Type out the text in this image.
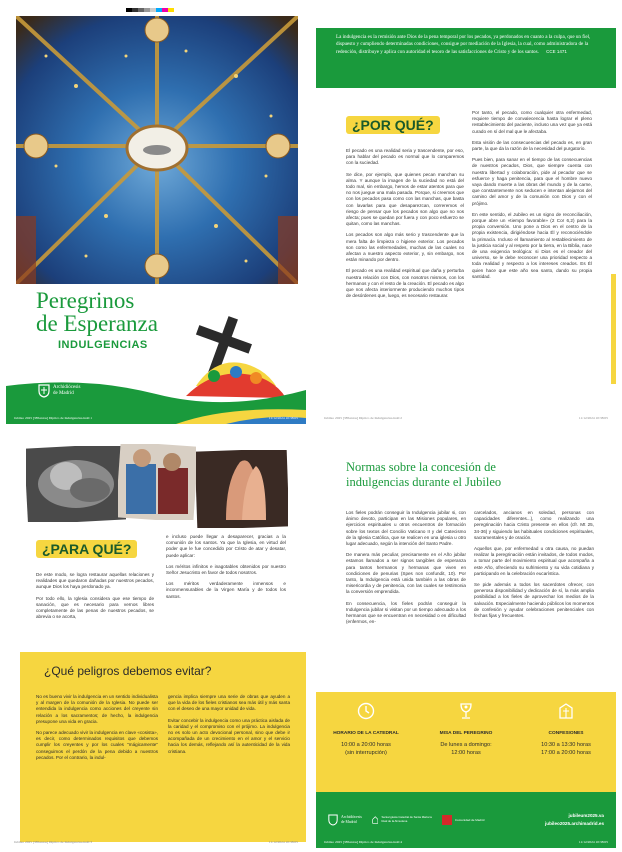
Peregrinos
de Esperanza
INDULGENCIAS
Archidiócesis
de Madrid
Jubileo 2025 [38Santos] Díptico de Indulgencias.indd 1	11/12/2024 10:38:05
La indulgencia es la remisión ante Dios de la pena temporal por los pecados, ya perdonados en cuanto a la culpa, que un fiel, dispuesto y cumpliendo determinadas condiciones, consigue por mediación de la Iglesia, la cual, como administradora de la redención, distribuye y aplica con autoridad el tesoro de las satisfacciones de Cristo y de los santos. CCE 1471
¿POR QUÉ?

El pecado es una realidad seria y trascendente, por eso, para hablar del pecado es normal que lo comparemos con la suciedad.

Se dice, por ejemplo, que quienes pecan manchan su alma. Y aunque la imagen de la suciedad no está del todo mal, sin embargo, hemos de estar atentos para que no nos juegue una mala pasada. Porque, si creemos que con los pecados pasa como con las manchas, que basta con lavarlas para que desaparezcan, correremos el riesgo de pensar que los pecados son algo que no nos afecta; pues se quedan por fuera y con poco esfuerzo se quitan, como las manchas.

Los pecados son algo más serio y trascendente que la mera falta de limpieza o higiene exterior. Los pecados son como las enfermedades, muchas de las cuales no afectan a nuestro aspecto exterior, y, sin embargo, nos están minando por dentro.

El pecado es una realidad espiritual que daña y perturba nuestra relación con Dios, con nosotros mismos, con los hermanos y con el resto de la creación. El pecado es algo que nos afecta interiormente produciendo muchos tipos de desórdenes que, luego, es necesario restaurar.

Por tanto, el pecado, como cualquier otra enfermedad, requiere tiempo de convalecencia hasta lograr el pleno restablecimiento del paciente, incluso una vez que ya está curado en sí del mal que le afectaba.

Esta visión de las consecuencias del pecado es, en gran parte, la que da la razón de la necesidad del purgatorio.

Pues bien, para sanar en el tiempo de las consecuencias de nuestros pecados, Dios, que siempre cuenta con nuestra libertad y colaboración, pide al pecador que se esfuerce y haga penitencia, para que el hombre nuevo vaya dando muerte a las obras del mundo y de la carne, que constantemente nos seducen e intentan alejarnos del camino del amor y de la comunión con Dios y con el prójimo.

En este sentido, el Jubileo es un signo de reconciliación, porque abre un «tiempo favorable» (2 Cor 6,2) para la propia conversión. Uno pone a Dios en el centro de la propia existencia, dirigiéndose hacia Él y reconociéndole la primacía. Incluso el llamamiento al restablecimiento de la justicia social y al respeto por la tierra, en la Biblia, nace de una exigencia teológica: si Dios es el creador del universo, se le debe reconocer una prioridad respecto a toda realidad y respecto a los intereses creados. Es Él quien hace que este año sea santo, dando su propia santidad.

Jubileo 2025 [38Santos] Díptico de Indulgencias.indd 2	11/12/2024 10:38:05
¿PARA QUÉ?

De este modo, se logra restaurar aquellas relaciones y realidades que quedaron dañadas por nuestros pecados, aunque Dios los haya perdonado ya.

Por todo ello, la Iglesia considera que ese tiempo de sanación, que es necesario para vernos libres completamente de las penas de nuestros pecados, se abrevia o se acorta,

e incluso puede llegar a desaparecer, gracias a la comunión de los santos. Ya que la Iglesia, en virtud del poder que le fue concedido por Cristo de atar y desatar, puede aplicar:

Los méritos infinitos e inagotables obtenidos por nuestro Señor Jesucristo en favor de todos nosotros.

Los méritos verdaderamente inmensos e inconmensurables de la Virgen María y de todos los santos.

¿Qué peligros debemos evitar?

No es bueno vivir la indulgencia en un sentido individualista y al margen de la comunión de la Iglesia. No puede ser entendida la indulgencia como acciones del creyente sin relación a los sacramentos; de hecho, la indulgencia presupone una vida en gracia.

No parece adecuado vivir la indulgencia en clave «cosista», es decir, como determinados requisitos que debemos cumplir los creyentes y por los cuales "mágicamente" conseguimos el perdón de la pena debido a nuestros pecados. Por el contrario, la indul-

gencia implica siempre una serie de obras que ayuden a que la vida de los fieles cristianos sea más útil y más santa con el deseo de una mayor unidad de vida.

Evitar concebir la indulgencia como una práctica aislada de la caridad y el compromiso con el prójimo. La indulgencia no es solo un acto devocional personal, sino que debe ir acompañada de un crecimiento en el amor y el servicio hacia los demás, reflejando así la autenticidad de la vida cristiana.

Jubileo 2025 [38Santos] Díptico de Indulgencias.indd 3	11/12/2024 10:38:05
Normas sobre la concesión de
indulgencias durante el Jubileo

Los fieles podrán conseguir la Indulgencia jubilar si, con ánimo devoto, participan en las Misiones populares, en ejercicios espirituales u otros encuentros de formación sobre los textos del Concilio Vaticano II y del Catecismo de la Iglesia Católica, que se realicen en una iglesia u otro lugar adecuado, según la intención del Santo Padre.

De manera más peculiar, precisamente en el Año jubilar estamos llamados a ser signos tangibles de esperanza para tantos hermanos y hermanas que viven en condiciones de penurias (Spes non confundit, 10). Por tanto, la Indulgencia está unida también a las obras de misericordia y de penitencia, con las cuales se testimonia la conversión emprendida.

En consecuencia, los fieles podrán conseguir la Indulgencia jubilar si visitan por un tiempo adecuado a los hermanos que se encuentran en necesidad o en dificultad (enfermos, en-

carcelados, ancianos en soledad, personas con capacidades diferentes...), como realizando una peregrinación hacia Cristo presente en ellos (cfr. Mt 25, 34-36) y siguiendo las habituales condiciones espirituales, sacramentales y de oración.

Aquellos que, por enfermedad u otra causa, no puedan realizar la peregrinación están invitados, de todos modos, a tomar parte del movimiento espiritual que acompaña a este Año, ofreciendo su sufrimiento y su vida cotidiana y participando en la celebración eucarística.

Se pide además a todos los sacerdotes ofrecer, con generosa disponibilidad y dedicación de sí, la más amplia posibilidad a los fieles de aprovechar los medios de la salvación. Especialmente haciendo públicos los momentos de confesión y ayudar celebraciones penitenciales con fechas fijas y frecuentes.

HORARIO DE LA CATEDRAL
10:00 a 20:00 horas
(sin interrupción)
MISA DEL PEREGRINO
De lunes a domingo:
12:00 horas
CONFESIONES
10:30 a 13:30 horas
17:00 a 20:00 horas
Archidiócesis
de Madrid
Santa Iglesia Catedral de Santa María la Real de la Almudena	Comunidad de Madrid
jubileum2025.va
jubileo2025.archimadrid.es
Jubileo 2025 [38Santos] Díptico de Indulgencias.indd 4	11/12/2024 10:38:05
